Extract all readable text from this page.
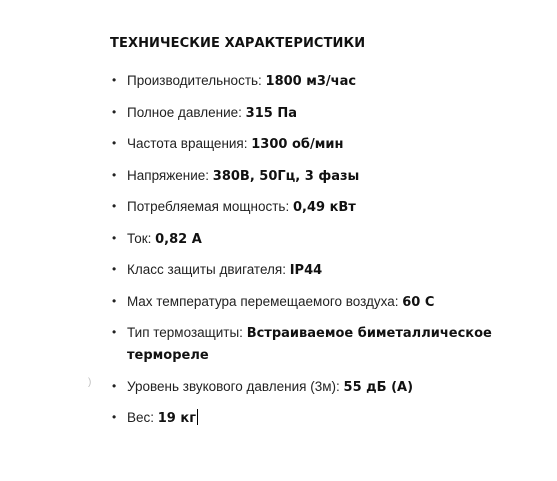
)
ТЕХНИЧЕСКИЕ ХАРАКТЕРИСТИКИ
• Производительность: 1800 м3/час
• Полное давление: 315 Па
• Частота вращения: 1300 об/мин
• Напряжение: 380В, 50Гц, 3 фазы
• Потребляемая мощность: 0,49 кВт
• Ток: 0,82 А
• Класс защиты двигателя: IP44
• Max температура перемещаемого воздуха: 60 С
• Тип термозащиты: Встраиваемое биметаллическое термореле
• Уровень звукового давления (3м): 55 дБ (А)
• Вес: 19 кг
